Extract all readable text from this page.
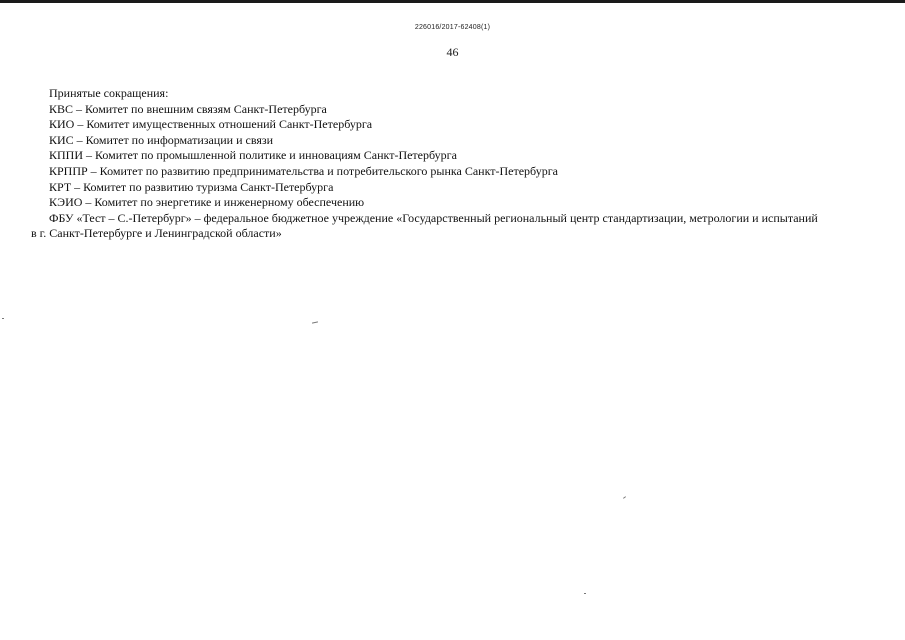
226016/2017-62408(1)
46
Принятые сокращения:
КВС – Комитет по внешним связям Санкт-Петербурга
КИО – Комитет имущественных отношений Санкт-Петербурга
КИС – Комитет по информатизации и связи
КППИ – Комитет по промышленной политике и инновациям Санкт-Петербурга
КРППР – Комитет по развитию предпринимательства и потребительского рынка Санкт-Петербурга
КРТ – Комитет по развитию туризма Санкт-Петербурга
КЭИО – Комитет по энергетике и инженерному обеспечению
ФБУ «Тест – С.-Петербург» – федеральное бюджетное учреждение «Государственный региональный центр стандартизации, метрологии и испытаний
в г. Санкт-Петербурге и Ленинградской области»
